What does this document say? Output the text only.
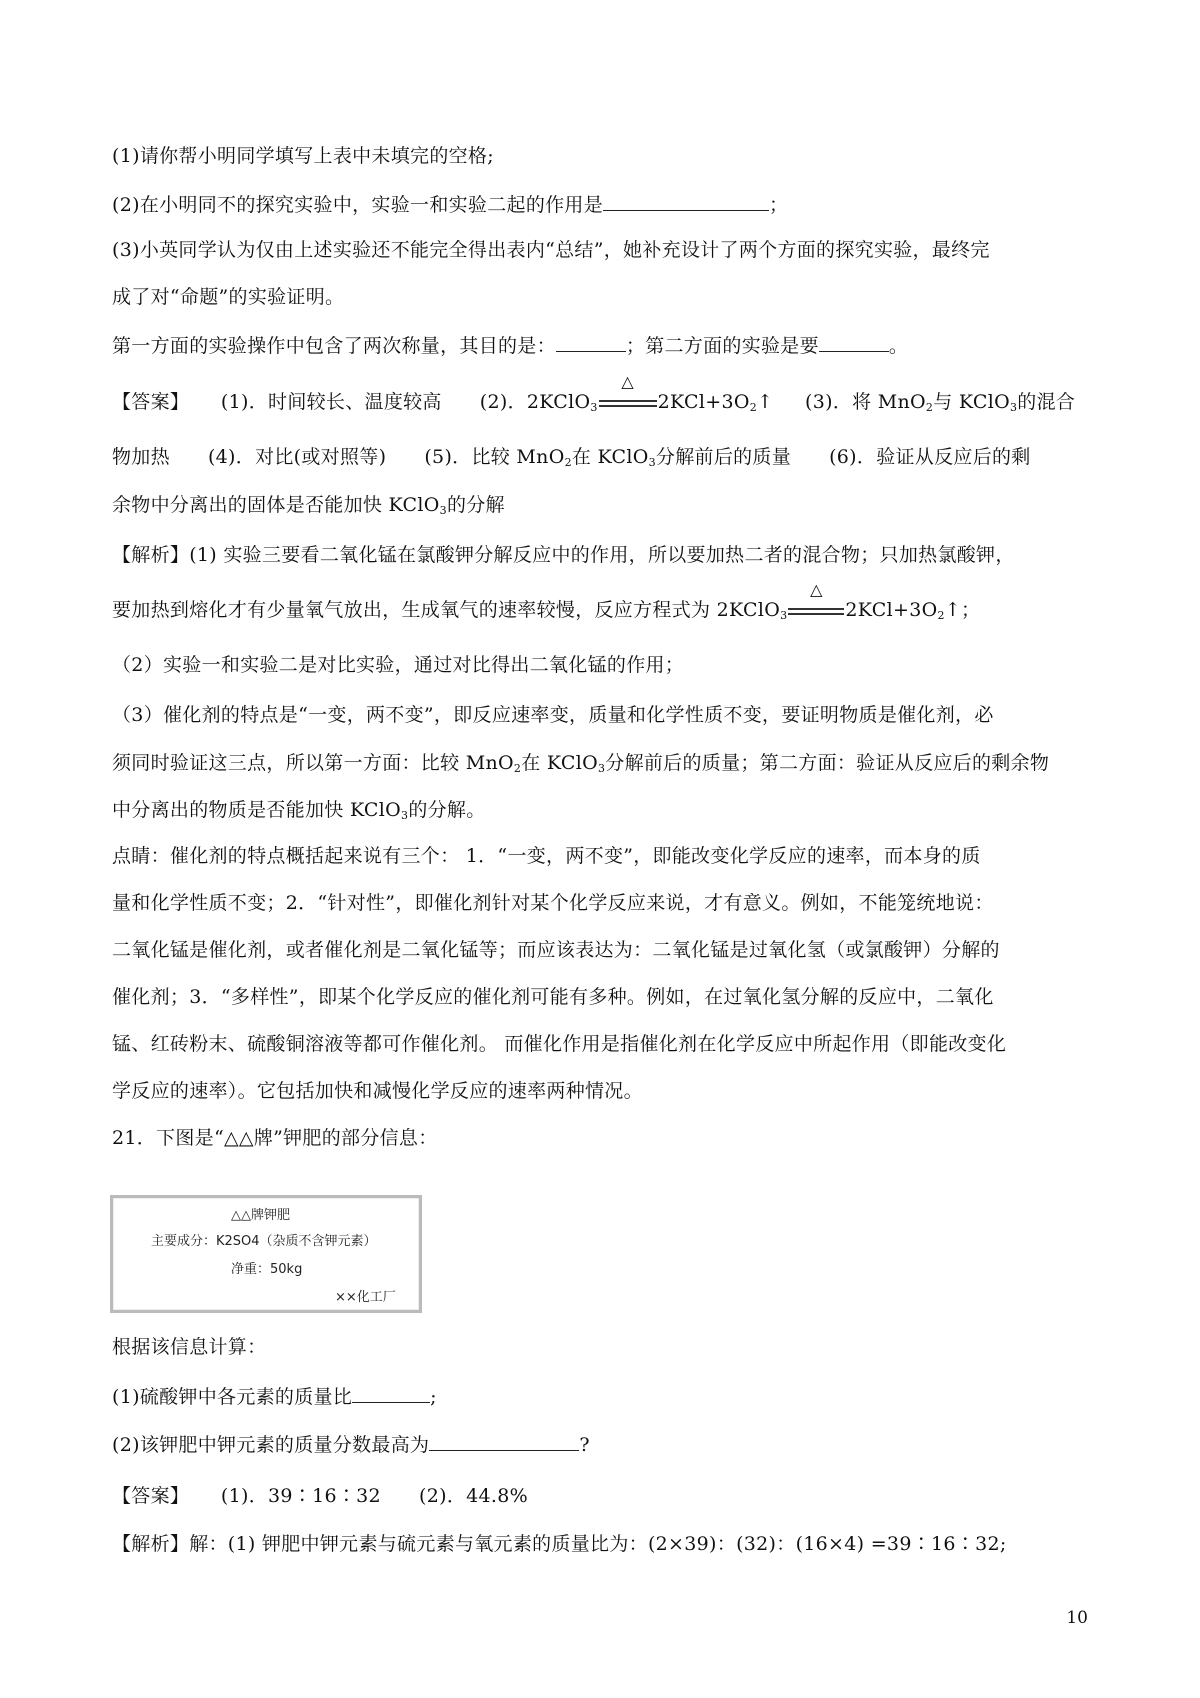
(1)请你帮小明同学填写上表中未填完的空格;
(2)在小明同不的探究实验中，实验一和实验二起的作用是	；
(3)小英同学认为仅由上述实验还不能完全得出表内“总结”，她补充设计了两个方面的探究实验，最终完
成了对“命题”的实验证明。
第一方面的实验操作中包含了两次称量，其目的是：	；第二方面的实验是要	。
【答案】 (1)．时间较长、温度较高 (2)．2KClO$_3$
△
$2KCl+3O_2↑$ (3)．将 MnO$_2$与 KClO$_3$的混合
物加热 (4)．对比(或对照等) (5)．比较 MnO$_2$在 KClO$_3$分解前后的质量 (6)．验证从反应后的剩
余物中分离出的固体是否能加快 KClO$_3$的分解
【解析】(1) 实验三要看二氧化锰在氯酸钾分解反应中的作用，所以要加热二者的混合物；只加热氯酸钾，
要加热到熔化才有少量氧气放出，生成氧气的速率较慢，反应方程式为 2KClO$_3$
△
$2KCl+3O_2↑$；
（2）实验一和实验二是对比实验，通过对比得出二氧化锰的作用；
（3）催化剂的特点是“一变，两不变”，即反应速率变，质量和化学性质不变，要证明物质是催化剂，必
须同时验证这三点，所以第一方面：比较 MnO$_2$在 KClO$_3$分解前后的质量；第二方面：验证从反应后的剩余物
中分离出的物质是否能加快 KClO$_3$的分解。
点睛：催化剂的特点概括起来说有三个： 1．“一变，两不变”，即能改变化学反应的速率，而本身的质
量和化学性质不变；2．“针对性”，即催化剂针对某个化学反应来说，才有意义。例如，不能笼统地说：
二氧化锰是催化剂，或者催化剂是二氧化锰等；而应该表达为：二氧化锰是过氧化氢（或氯酸钾）分解的
催化剂；3．“多样性”，即某个化学反应的催化剂可能有多种。例如，在过氧化氢分解的反应中，二氧化
锰、红砖粉末、硫酸铜溶液等都可作催化剂。 而催化作用是指催化剂在化学反应中所起作用（即能改变化
学反应的速率）。它包括加快和减慢化学反应的速率两种情况。
21．下图是“△△牌”钾肥的部分信息：
△△牌钾肥
主要成分：K2SO4（杂质不含钾元素）
净重：50kg
××化工厂
根据该信息计算：
(1)硫酸钾中各元素的质量比	;
(2)该钾肥中钾元素的质量分数最高为	?
【答案】 (1)．39∶16∶32 (2)．44.8%
【解析】解：(1) 钾肥中钾元素与硫元素与氧元素的质量比为：(2×39)：(32)：(16×4) =39∶16∶32;
10
